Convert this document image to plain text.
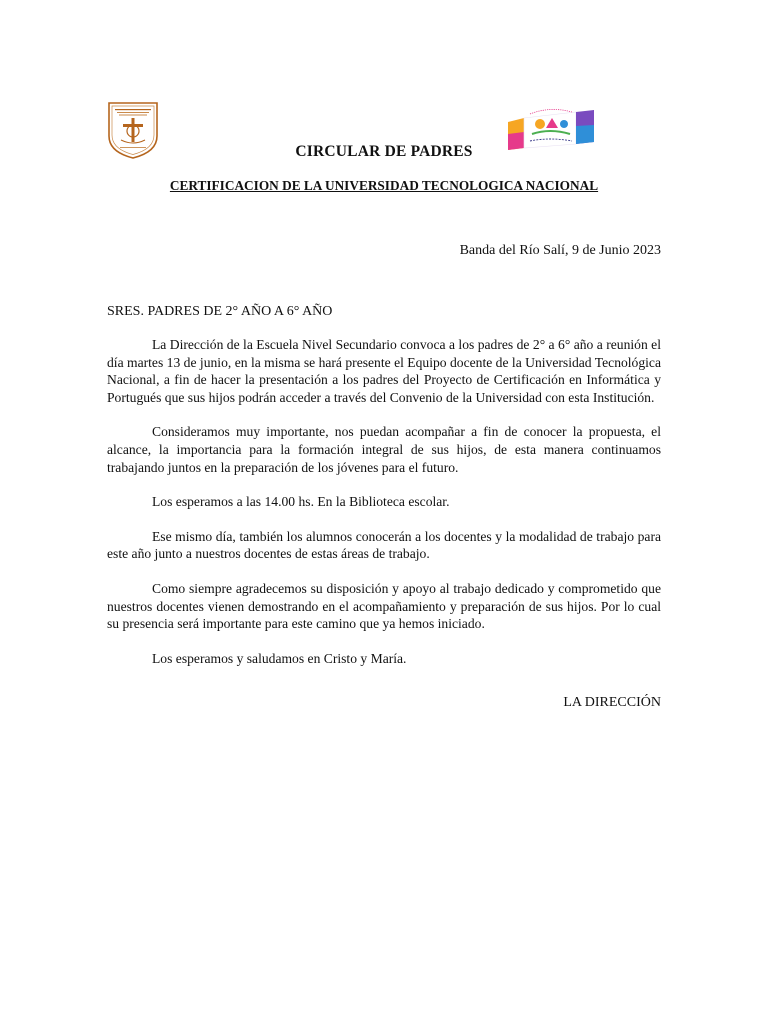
CIRCULAR DE PADRES
CERTIFICACION DE LA UNIVERSIDAD TECNOLOGICA NACIONAL
Banda del Río Salí, 9 de Junio 2023
SRES. PADRES DE 2° AÑO A 6° AÑO

La Dirección de la Escuela Nivel Secundario convoca a los padres de 2° a 6° año a reunión el día martes 13 de junio, en la misma se hará presente el Equipo docente de la Universidad Tecnológica Nacional, a fin de hacer la presentación a los padres del Proyecto de Certificación en Informática y Portugués que sus hijos podrán acceder a través del Convenio de la Universidad con esta Institución.

Consideramos muy importante, nos puedan acompañar a fin de conocer la propuesta, el alcance, la importancia para la formación integral de sus hijos, de esta manera continuamos trabajando juntos en la preparación de los jóvenes para el futuro.

Los esperamos a las 14.00 hs. En la Biblioteca escolar.

Ese mismo día, también los alumnos conocerán a los docentes y la modalidad de trabajo para este año junto a nuestros docentes de estas áreas de trabajo.

Como siempre agradecemos su disposición y apoyo al trabajo dedicado y comprometido que nuestros docentes vienen demostrando en el acompañamiento y preparación de sus hijos. Por lo cual su presencia será importante para este camino que ya hemos iniciado.

Los esperamos y saludamos en Cristo y María.

LA DIRECCIÓN
